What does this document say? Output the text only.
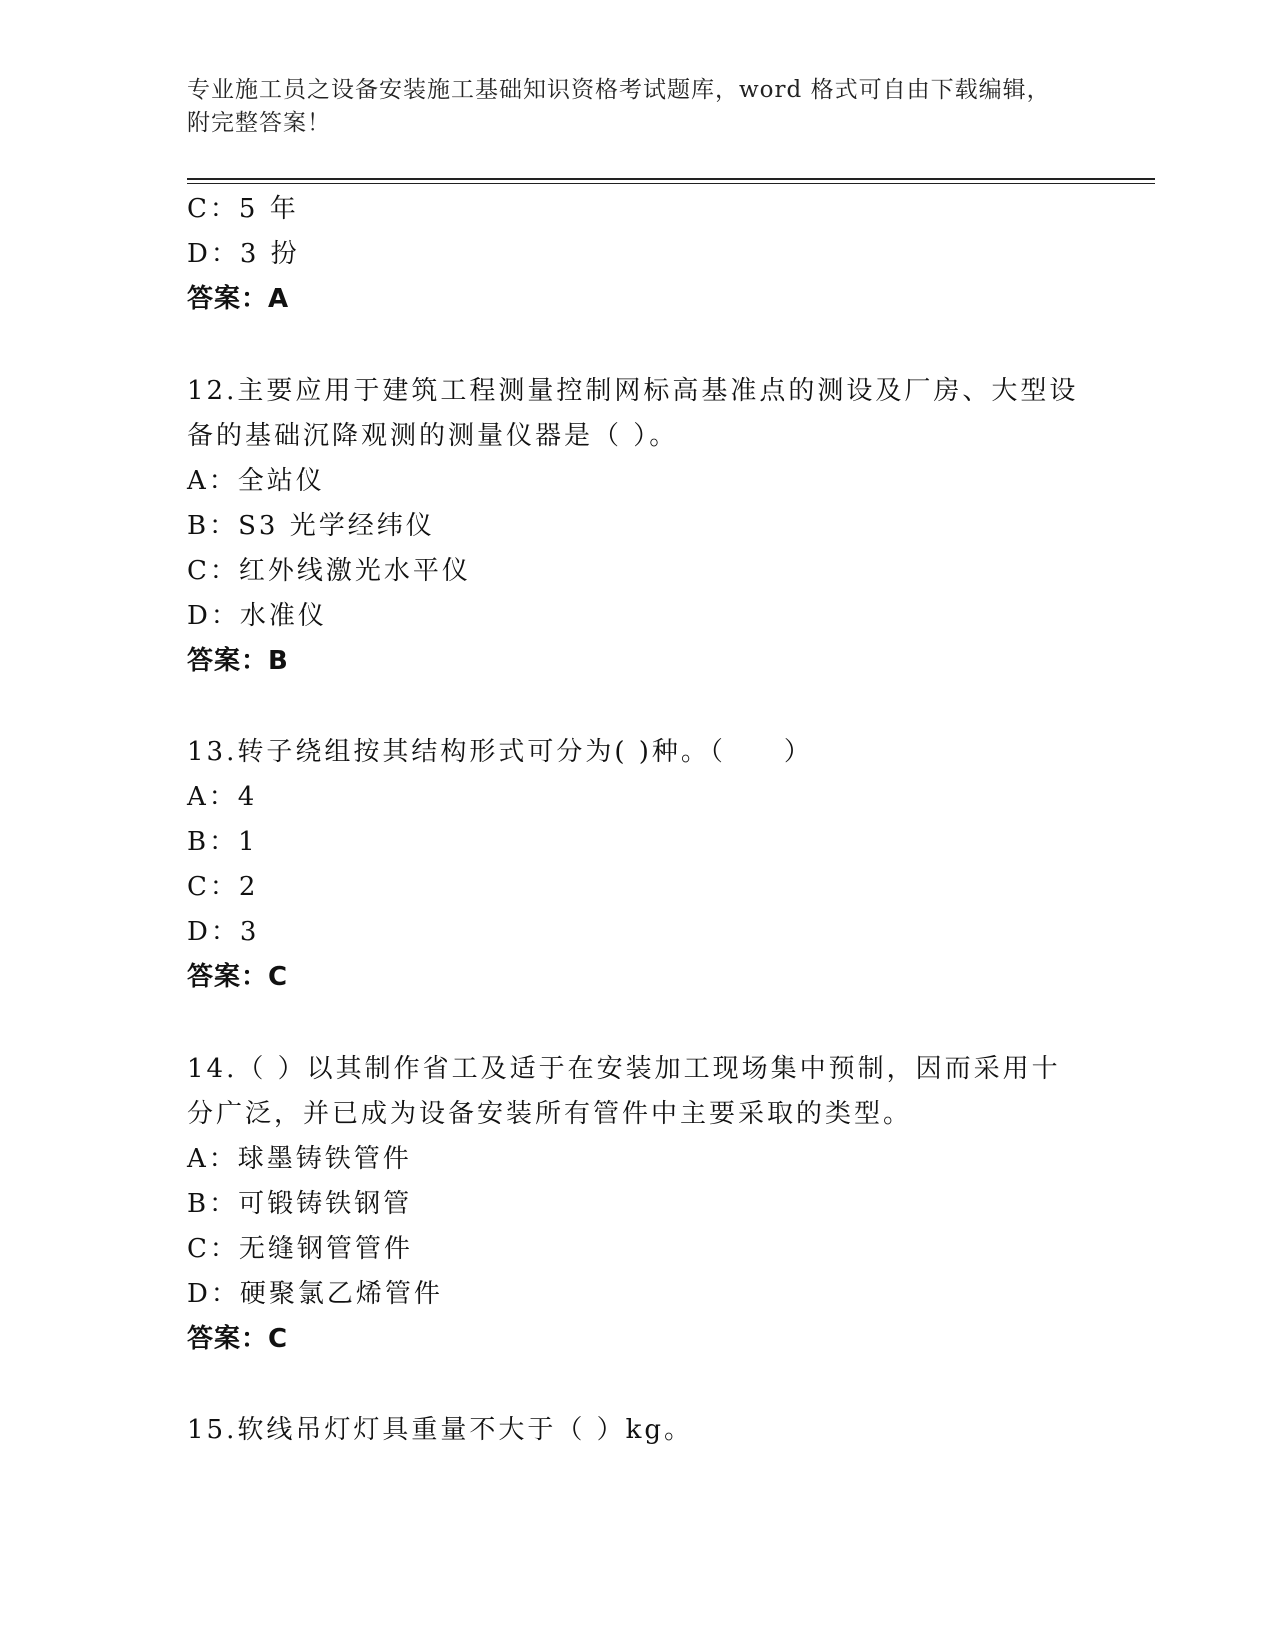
专业施工员之设备安装施工基础知识资格考试题库，word 格式可自由下载编辑，
附完整答案！
C：5 年
D：3 扮
答案：A
12.主要应用于建筑工程测量控制网标高基准点的测设及厂房、大型设
备的基础沉降观测的测量仪器是（ ）。
A：全站仪
B：S3 光学经纬仪
C：红外线激光水平仪
D：水准仪
答案：B
13.转子绕组按其结构形式可分为( )种。（　　）
A：4
B：1
C：2
D：3
答案：C
14.（ ）以其制作省工及适于在安装加工现场集中预制，因而采用十
分广泛，并已成为设备安装所有管件中主要采取的类型。
A：球墨铸铁管件
B：可锻铸铁钢管
C：无缝钢管管件
D：硬聚氯乙烯管件
答案：C
15.软线吊灯灯具重量不大于（ ）kg。
